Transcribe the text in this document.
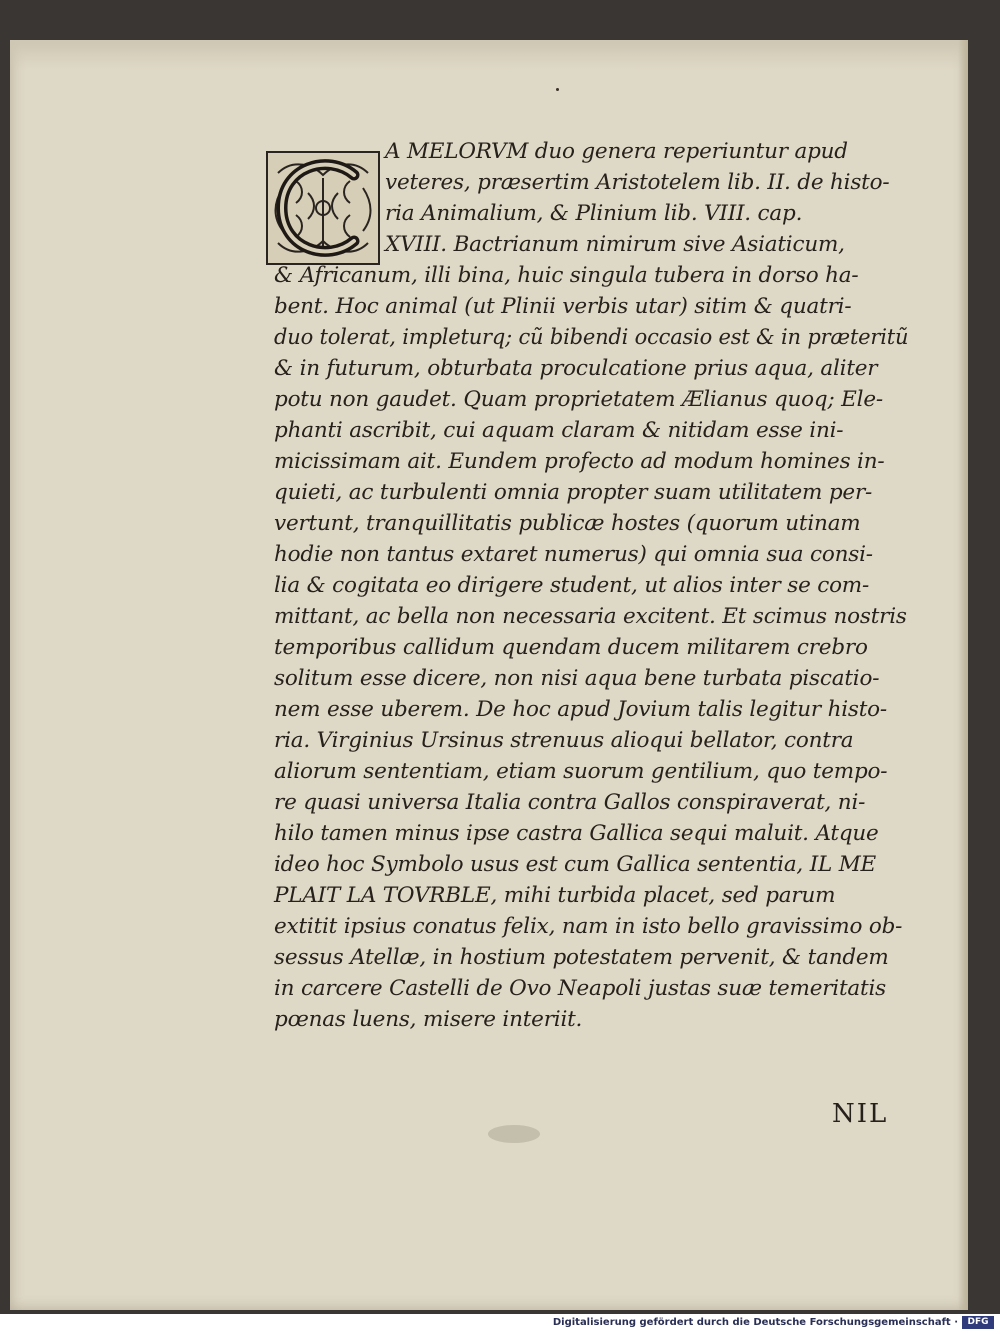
A MELORVM duo genera reperiuntur apud
veteres, præsertim Aristotelem lib. II. de histo-
ria Animalium, & Plinium lib. VIII. cap.
XVIII. Bactrianum nimirum sive Asiaticum,
& Africanum, illi bina, huic singula tubera in dorso ha-
bent. Hoc animal (ut Plinii verbis utar) sitim & quatri-
duo tolerat, impleturq; cũ bibendi occasio est & in præteritũ
& in futurum, obturbata proculcatione prius aqua, aliter
potu non gaudet. Quam proprietatem Ælianus quoq; Ele-
phanti ascribit, cui aquam claram & nitidam esse ini-
micissimam ait. Eundem profecto ad modum homines in-
quieti, ac turbulenti omnia propter suam utilitatem per-
vertunt, tranquillitatis publicæ hostes (quorum utinam
hodie non tantus extaret numerus) qui omnia sua consi-
lia & cogitata eo dirigere student, ut alios inter se com-
mittant, ac bella non necessaria excitent. Et scimus nostris
temporibus callidum quendam ducem militarem crebro
solitum esse dicere, non nisi aqua bene turbata piscatio-
nem esse uberem. De hoc apud Jovium talis legitur histo-
ria. Virginius Ursinus strenuus alioqui bellator, contra
aliorum sententiam, etiam suorum gentilium, quo tempo-
re quasi universa Italia contra Gallos conspiraverat, ni-
hilo tamen minus ipse castra Gallica sequi maluit. Atque
ideo hoc Symbolo usus est cum Gallica sententia, IL ME
PLAIT LA TOVRBLE, mihi turbida placet, sed parum
extitit ipsius conatus felix, nam in isto bello gravissimo ob-
sessus Atellæ, in hostium potestatem pervenit, & tandem
in carcere Castelli de Ovo Neapoli justas suæ temeritatis
pœnas luens, misere interiit.
NIL
Digitalisierung gefördert durch die Deutsche Forschungsgemeinschaft ·	DFG
